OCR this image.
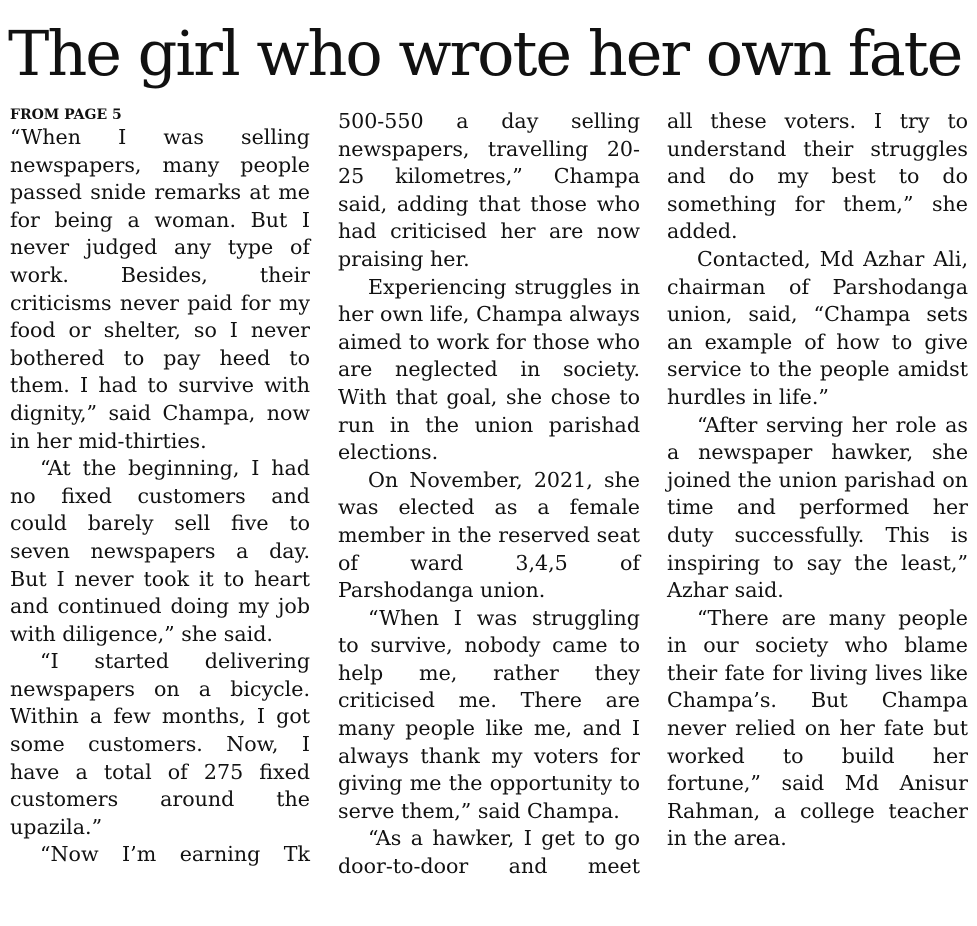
The girl who wrote her own fate
FROM PAGE 5

“When I was selling newspapers, many people passed snide remarks at me for being a woman. But I never judged any type of work. Besides, their criticisms never paid for my food or shelter, so I never bothered to pay heed to them. I had to survive with dignity,” said Champa, now in her mid-thirties.

“At the beginning, I had no fixed customers and could barely sell five to seven newspapers a day. But I never took it to heart and continued doing my job with diligence,” she said.

“I started delivering newspapers on a bicycle. Within a few months, I got some customers. Now, I have a total of 275 fixed customers around the upazila.”

“Now I’m earning Tk

500-550 a day selling newspapers, travelling 20-25 kilometres,” Champa said, adding that those who had criticised her are now praising her.

Experiencing struggles in her own life, Champa always aimed to work for those who are neglected in society. With that goal, she chose to run in the union parishad elections.

On November, 2021, she was elected as a female member in the reserved seat of ward 3,4,5 of Parshodanga union.

“When I was struggling to survive, nobody came to help me, rather they criticised me. There are many people like me, and I always thank my voters for giving me the opportunity to serve them,” said Champa.

“As a hawker, I get to go door-to-door and meet

all these voters. I try to understand their struggles and do my best to do something for them,” she added.

Contacted, Md Azhar Ali, chairman of Parshodanga union, said, “Champa sets an example of how to give service to the people amidst hurdles in life.”

“After serving her role as a newspaper hawker, she joined the union parishad on time and performed her duty successfully. This is inspiring to say the least,” Azhar said.

“There are many people in our society who blame their fate for living lives like Champa’s. But Champa never relied on her fate but worked to build her fortune,” said Md Anisur Rahman, a college teacher in the area.
